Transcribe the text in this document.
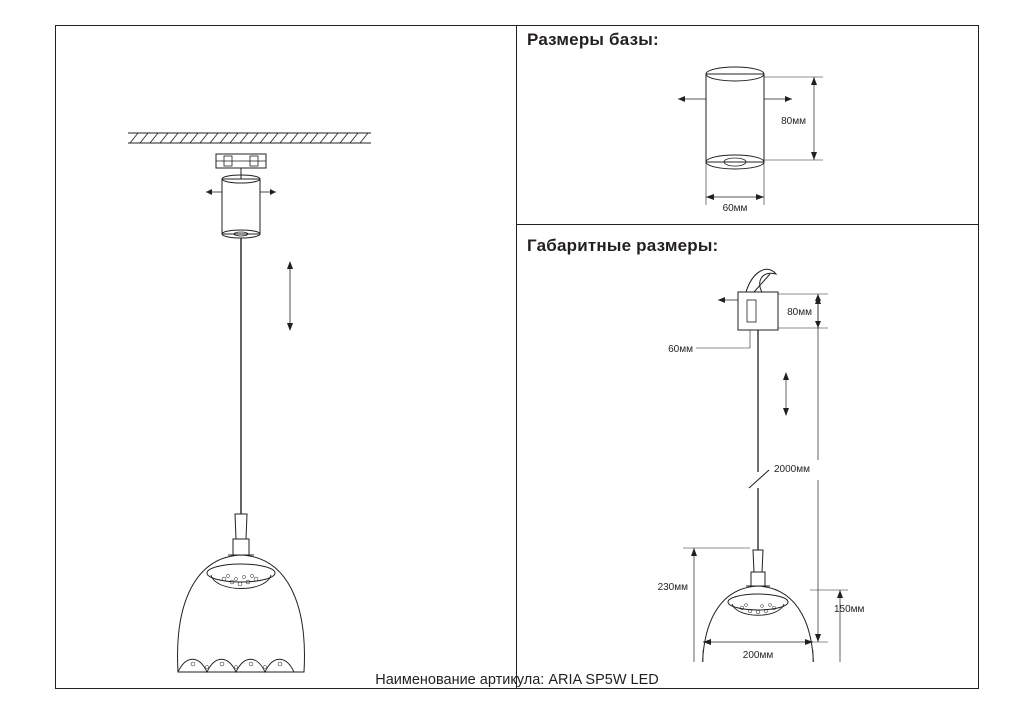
Размеры базы:
Габаритные размеры:
80мм
60мм
80мм
60мм
2000мм
230мм
150мм
200мм
Наименование артикула: ARIA SP5W LED
